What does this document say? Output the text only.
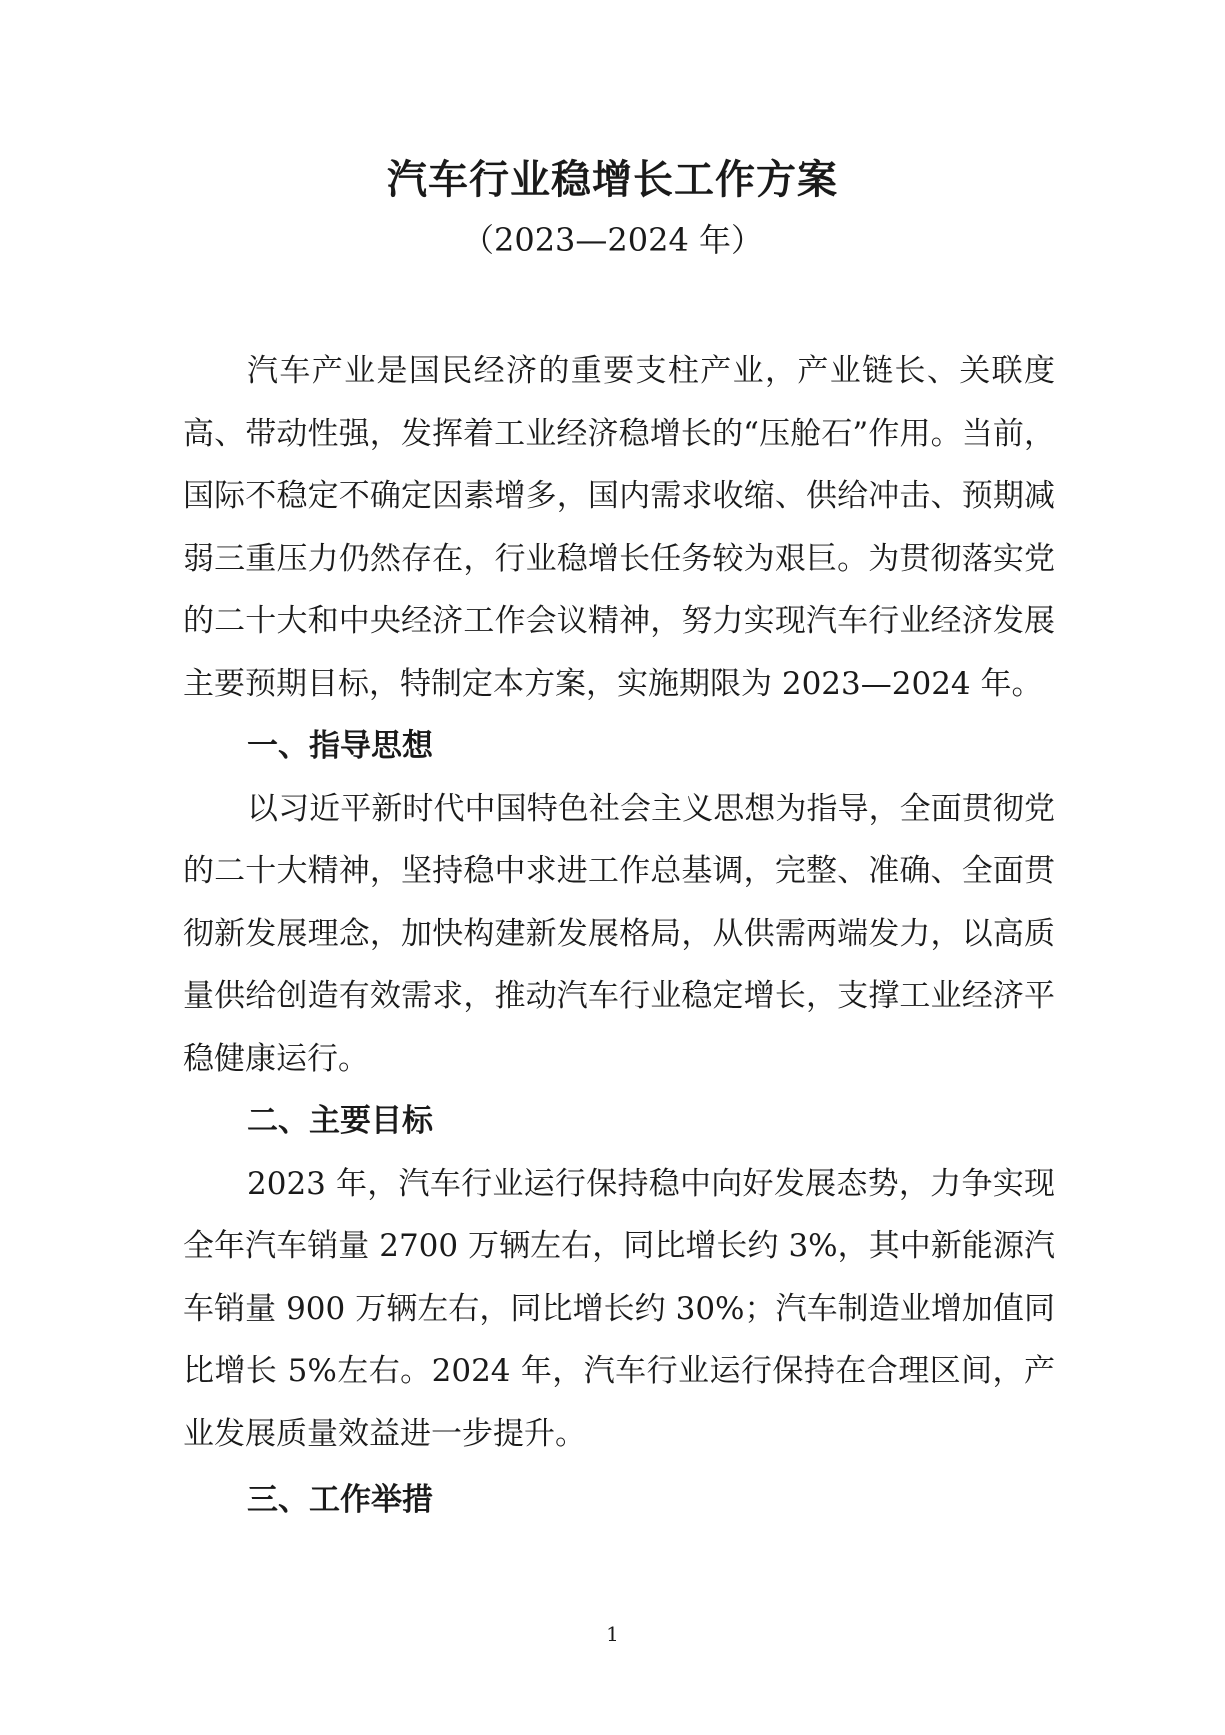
汽车行业稳增长工作方案
（2023—2024 年）

汽车产业是国民经济的重要支柱产业，产业链长、关联度高、带动性强，发挥着工业经济稳增长的“压舱石”作用。当前，国际不稳定不确定因素增多，国内需求收缩、供给冲击、预期减弱三重压力仍然存在，行业稳增长任务较为艰巨。为贯彻落实党的二十大和中央经济工作会议精神，努力实现汽车行业经济发展主要预期目标，特制定本方案，实施期限为 2023—2024 年。

一、指导思想

以习近平新时代中国特色社会主义思想为指导，全面贯彻党的二十大精神，坚持稳中求进工作总基调，完整、准确、全面贯彻新发展理念，加快构建新发展格局，从供需两端发力，以高质量供给创造有效需求，推动汽车行业稳定增长，支撑工业经济平稳健康运行。

二、主要目标

2023 年，汽车行业运行保持稳中向好发展态势，力争实现全年汽车销量 2700 万辆左右，同比增长约 3%，其中新能源汽车销量 900 万辆左右，同比增长约 30%；汽车制造业增加值同比增长 5%左右。2024 年，汽车行业运行保持在合理区间，产业发展质量效益进一步提升。

三、工作举措

1
